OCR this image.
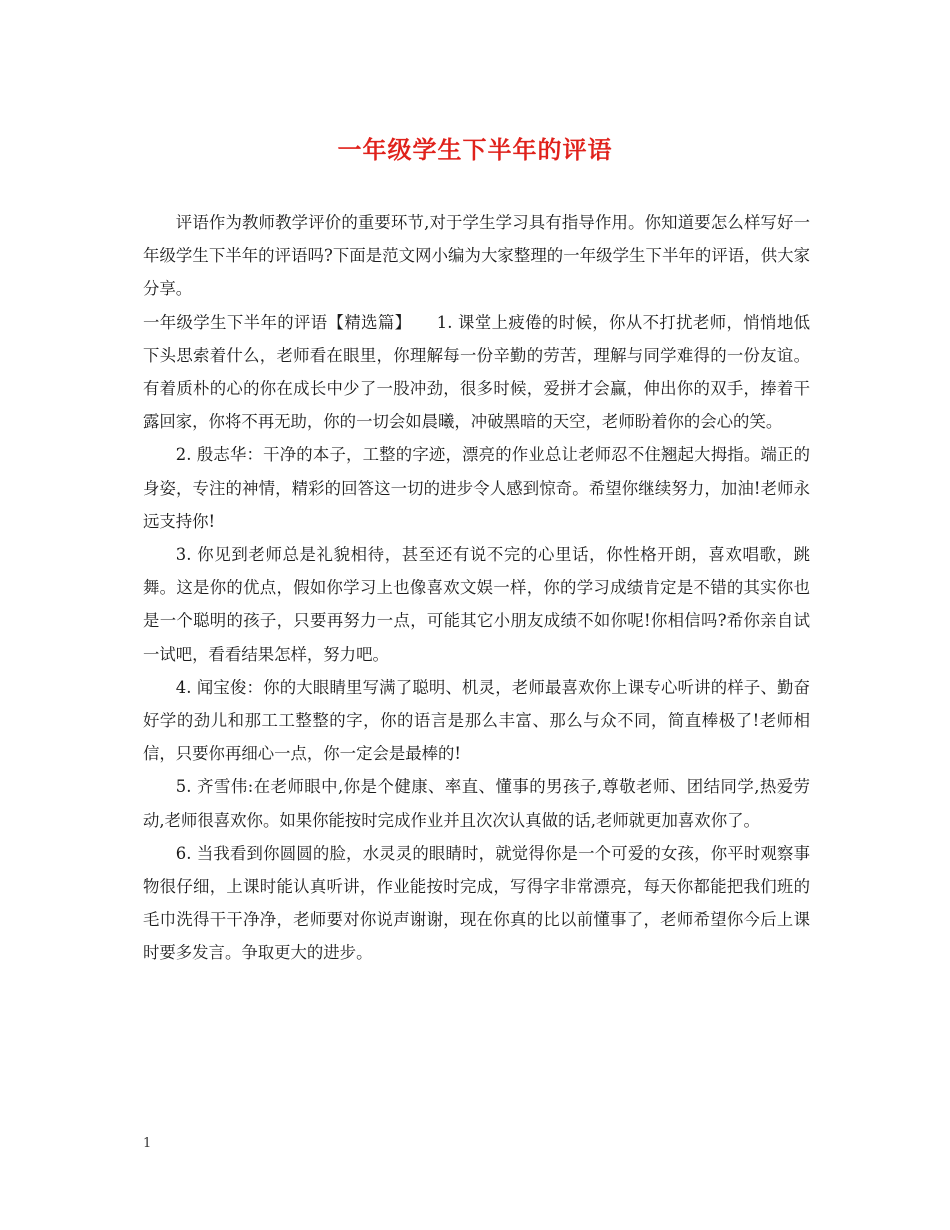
一年级学生下半年的评语

评语作为教师教学评价的重要环节,对于学生学习具有指导作用。你知道要怎么样写好一年级学生下半年的评语吗?下面是范文网小编为大家整理的一年级学生下半年的评语，供大家分享。

一年级学生下半年的评语【精选篇】　　1. 课堂上疲倦的时候，你从不打扰老师，悄悄地低下头思索着什么，老师看在眼里，你理解每一份辛勤的劳苦，理解与同学难得的一份友谊。有着质朴的心的你在成长中少了一股冲劲，很多时候，爱拼才会赢，伸出你的双手，捧着干露回家，你将不再无助，你的一切会如晨曦，冲破黑暗的天空，老师盼着你的会心的笑。

2. 殷志华：干净的本子，工整的字迹，漂亮的作业总让老师忍不住翘起大拇指。端正的身姿，专注的神情，精彩的回答这一切的进步令人感到惊奇。希望你继续努力，加油!老师永远支持你!

3. 你见到老师总是礼貌相待，甚至还有说不完的心里话，你性格开朗，喜欢唱歌，跳舞。这是你的优点，假如你学习上也像喜欢文娱一样，你的学习成绩肯定是不错的其实你也是一个聪明的孩子，只要再努力一点，可能其它小朋友成绩不如你呢!你相信吗?希你亲自试一试吧，看看结果怎样，努力吧。

4. 闻宝俊：你的大眼睛里写满了聪明、机灵，老师最喜欢你上课专心听讲的样子、勤奋好学的劲儿和那工工整整的字，你的语言是那么丰富、那么与众不同，简直棒极了!老师相信，只要你再细心一点，你一定会是最棒的!

5. 齐雪伟:在老师眼中,你是个健康、率直、懂事的男孩子,尊敬老师、团结同学,热爱劳动,老师很喜欢你。如果你能按时完成作业并且次次认真做的话,老师就更加喜欢你了。

6. 当我看到你圆圆的脸，水灵灵的眼睛时，就觉得你是一个可爱的女孩，你平时观察事物很仔细，上课时能认真听讲，作业能按时完成，写得字非常漂亮，每天你都能把我们班的毛巾洗得干干净净，老师要对你说声谢谢，现在你真的比以前懂事了，老师希望你今后上课时要多发言。争取更大的进步。

1
